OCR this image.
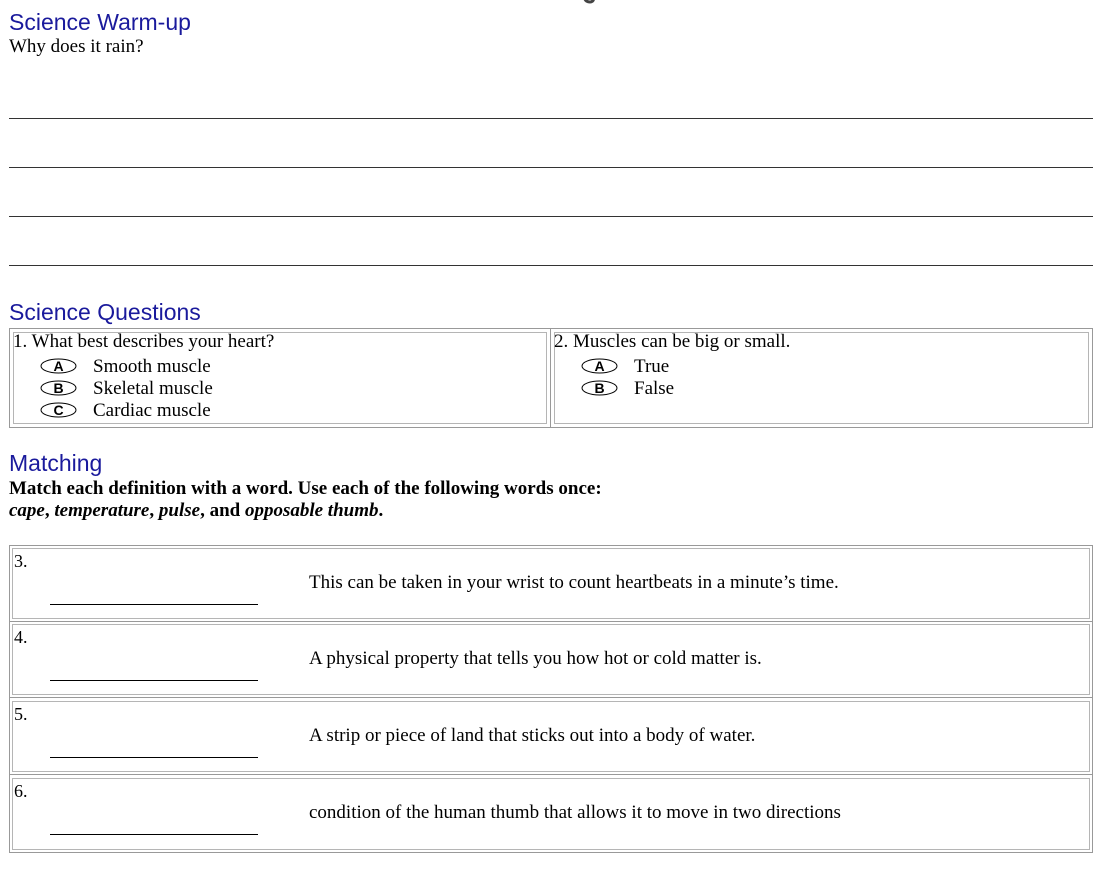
Science Warm-up
Why does it rain?
Science Questions
1. What best describes your heart?
A	Smooth muscle
B	Skeletal muscle
C	Cardiac muscle
2. Muscles can be big or small.
A	True
B	False
Matching
Match each definition with a word. Use each of the following words once:
cape, temperature, pulse, and opposable thumb.
3.
This can be taken in your wrist to count heartbeats in a minute’s time.
4.
A physical property that tells you how hot or cold matter is.
5.
A strip or piece of land that sticks out into a body of water.
6.
condition of the human thumb that allows it to move in two directions
